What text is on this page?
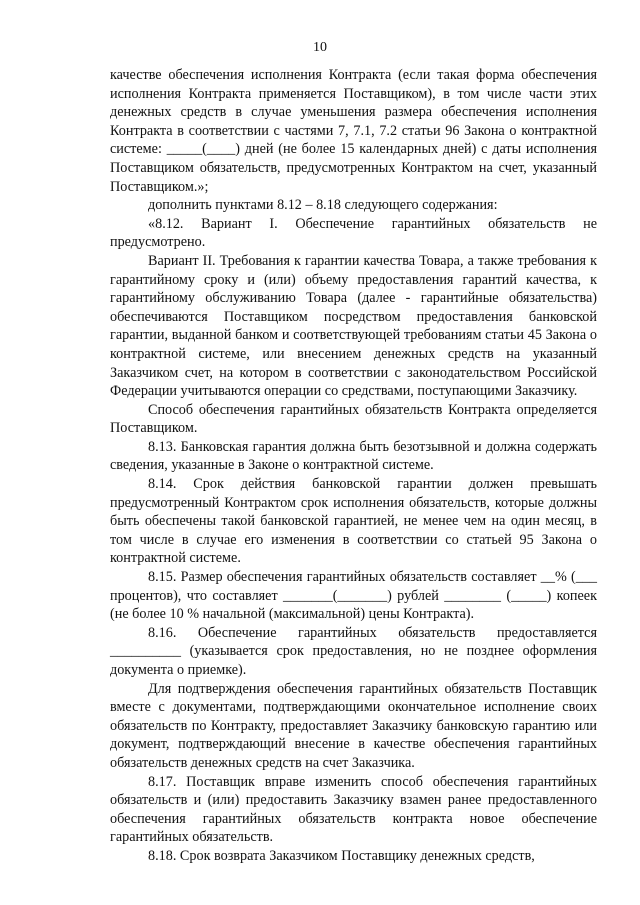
10

качестве обеспечения исполнения Контракта (если такая форма обеспечения исполнения Контракта применяется Поставщиком), в том числе части этих денежных средств в случае уменьшения размера обеспечения исполнения Контракта в соответствии с частями 7, 7.1, 7.2 статьи 96 Закона о контрактной системе: _____(____) дней (не более 15 календарных дней) с даты исполнения Поставщиком обязательств, предусмотренных Контрактом на счет, указанный Поставщиком.»;

дополнить пунктами 8.12 – 8.18 следующего содержания:

«8.12. Вариант I. Обеспечение гарантийных обязательств не предусмотрено.

Вариант II. Требования к гарантии качества Товара, а также требования к гарантийному сроку и (или) объему предоставления гарантий качества, к гарантийному обслуживанию Товара (далее - гарантийные обязательства) обеспечиваются Поставщиком посредством предоставления банковской гарантии, выданной банком и соответствующей требованиям статьи 45 Закона о контрактной системе, или внесением денежных средств на указанный Заказчиком счет, на котором в соответствии с законодательством Российской Федерации учитываются операции со средствами, поступающими Заказчику.

Способ обеспечения гарантийных обязательств Контракта определяется Поставщиком.

8.13. Банковская гарантия должна быть безотзывной и должна содержать сведения, указанные в Законе о контрактной системе.

8.14. Срок действия банковской гарантии должен превышать предусмотренный Контрактом срок исполнения обязательств, которые должны быть обеспечены такой банковской гарантией, не менее чем на один месяц, в том числе в случае его изменения в соответствии со статьей 95 Закона о контрактной системе.

8.15. Размер обеспечения гарантийных обязательств составляет __% (___ процентов), что составляет _______(_______) рублей ________ (_____) копеек (не более 10 % начальной (максимальной) цены Контракта).

8.16. Обеспечение гарантийных обязательств предоставляется __________ (указывается срок предоставления, но не позднее оформления документа о приемке).

Для подтверждения обеспечения гарантийных обязательств Поставщик вместе с документами, подтверждающими окончательное исполнение своих обязательств по Контракту, предоставляет Заказчику банковскую гарантию или документ, подтверждающий внесение в качестве обеспечения гарантийных обязательств денежных средств на счет Заказчика.

8.17. Поставщик вправе изменить способ обеспечения гарантийных обязательств и (или) предоставить Заказчику взамен ранее предоставленного обеспечения гарантийных обязательств контракта новое обеспечение гарантийных обязательств.

8.18. Срок возврата Заказчиком Поставщику денежных средств,
